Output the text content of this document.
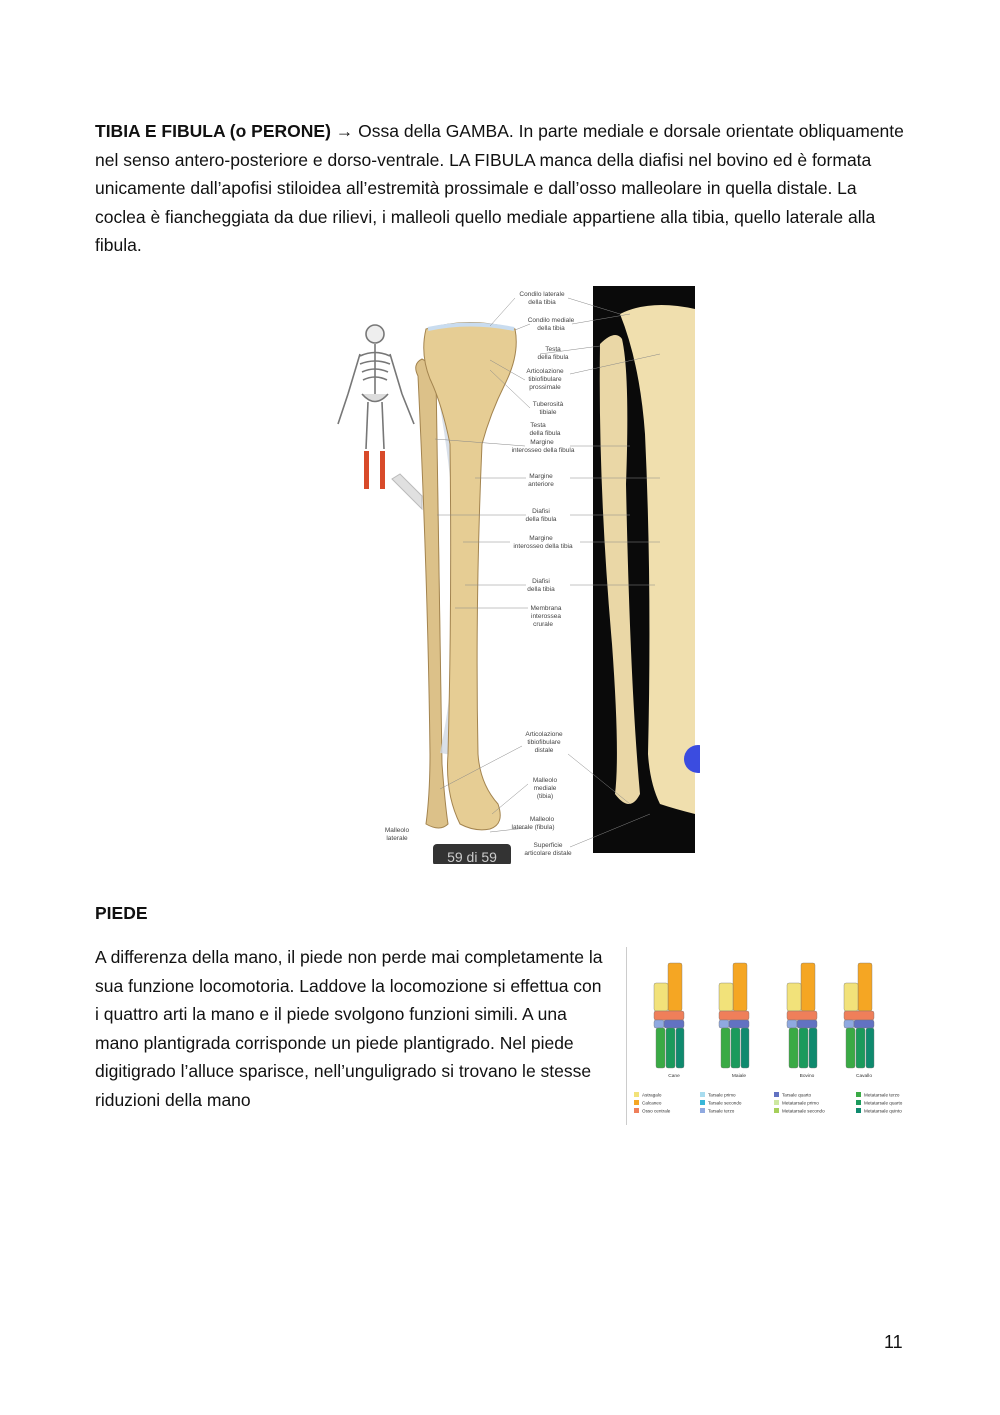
TIBIA E FIBULA (o PERONE) → Ossa della GAMBA. In parte mediale e dorsale orientate obliquamente nel senso antero-posteriore e dorso-ventrale. LA FIBULA manca della diafisi nel bovino ed è formata unicamente dall’apofisi stiloidea all’estremità prossimale e dall’osso malleolare in quella distale. La coclea è fiancheggiata da due rilievi, i malleoli quello mediale appartiene alla tibia, quello laterale alla fibula.

Condilo laterale della tibia
Condilo mediale della tibia
Testa della fibula
Articolazione tibiofibulare prossimale
Tuberosità tibiale
Testa della fibula
Margine interosseo della fibula
Margine anteriore
Diafisi della fibula
Margine interosseo della tibia
Diafisi della tibia
Membrana interossea crurale
Articolazione tibiofibulare distale
Malleolo mediale (tibia)
Malleolo laterale (fibula)
Superficie articolare distale
Malleolo laterale
59 di 59
PIEDE

A differenza della mano, il piede non perde mai completamente la sua funzione locomotoria. Laddove la locomozione si effettua con i quattro arti la mano e il piede svolgono funzioni simili. A una mano plantigrada corrisponde un piede plantigrado. Nel piede digitigrado l’alluce sparisce, nell’unguligrado si trovano le stesse riduzioni della mano

Cane	Maiale	Bovino	Cavallo
Astragalo
Calcaneo
Osso centrale
Tarsale primo
Tarsale secondo
Tarsale terzo
Tarsale quarto
Metatarsale primo
Metatarsale secondo
Metatarsale terzo
Metatarsale quarto
Metatarsale quinto
11
